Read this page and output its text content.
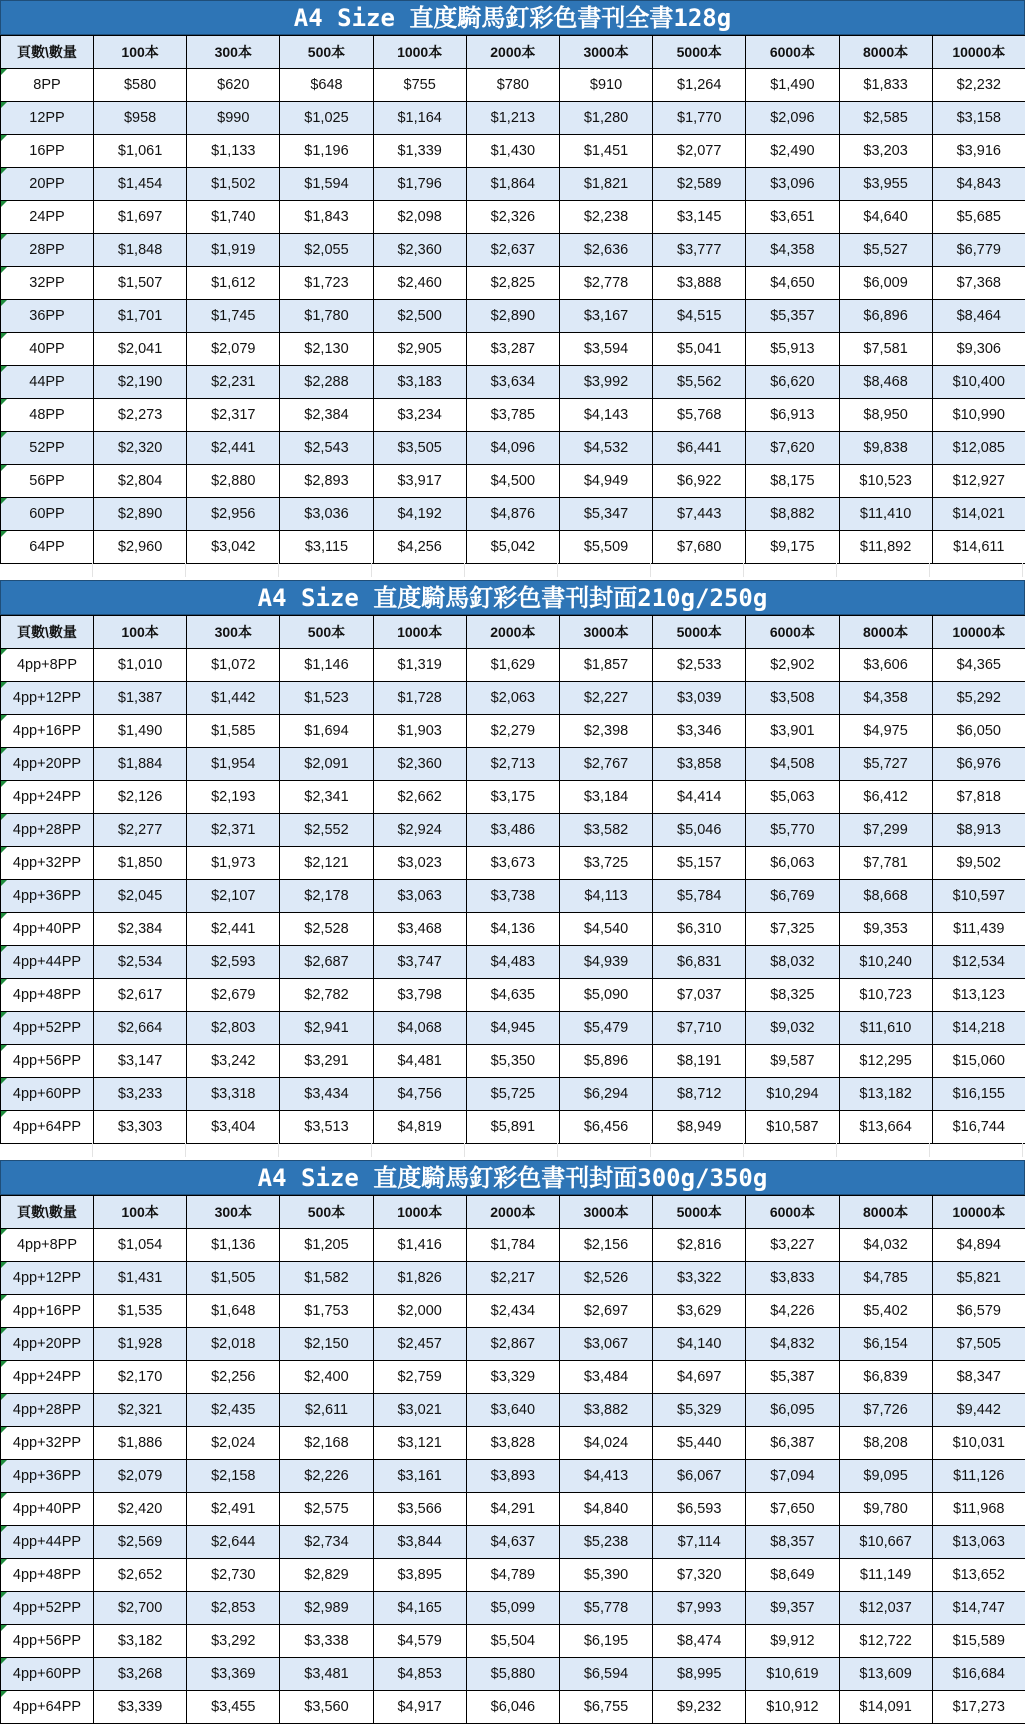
A4 Size 直度騎馬釘彩色書刊全書128g
頁數\數量	100本	300本	500本	1000本	2000本	3000本	5000本	6000本	8000本	10000本
8PP	$580	$620	$648	$755	$780	$910	$1,264	$1,490	$1,833	$2,232
12PP	$958	$990	$1,025	$1,164	$1,213	$1,280	$1,770	$2,096	$2,585	$3,158
16PP	$1,061	$1,133	$1,196	$1,339	$1,430	$1,451	$2,077	$2,490	$3,203	$3,916
20PP	$1,454	$1,502	$1,594	$1,796	$1,864	$1,821	$2,589	$3,096	$3,955	$4,843
24PP	$1,697	$1,740	$1,843	$2,098	$2,326	$2,238	$3,145	$3,651	$4,640	$5,685
28PP	$1,848	$1,919	$2,055	$2,360	$2,637	$2,636	$3,777	$4,358	$5,527	$6,779
32PP	$1,507	$1,612	$1,723	$2,460	$2,825	$2,778	$3,888	$4,650	$6,009	$7,368
36PP	$1,701	$1,745	$1,780	$2,500	$2,890	$3,167	$4,515	$5,357	$6,896	$8,464
40PP	$2,041	$2,079	$2,130	$2,905	$3,287	$3,594	$5,041	$5,913	$7,581	$9,306
44PP	$2,190	$2,231	$2,288	$3,183	$3,634	$3,992	$5,562	$6,620	$8,468	$10,400
48PP	$2,273	$2,317	$2,384	$3,234	$3,785	$4,143	$5,768	$6,913	$8,950	$10,990
52PP	$2,320	$2,441	$2,543	$3,505	$4,096	$4,532	$6,441	$7,620	$9,838	$12,085
56PP	$2,804	$2,880	$2,893	$3,917	$4,500	$4,949	$6,922	$8,175	$10,523	$12,927
60PP	$2,890	$2,956	$3,036	$4,192	$4,876	$5,347	$7,443	$8,882	$11,410	$14,021
64PP	$2,960	$3,042	$3,115	$4,256	$5,042	$5,509	$7,680	$9,175	$11,892	$14,611
A4 Size 直度騎馬釘彩色書刊封面210g/250g
頁數\數量	100本	300本	500本	1000本	2000本	3000本	5000本	6000本	8000本	10000本
4pp+8PP	$1,010	$1,072	$1,146	$1,319	$1,629	$1,857	$2,533	$2,902	$3,606	$4,365
4pp+12PP	$1,387	$1,442	$1,523	$1,728	$2,063	$2,227	$3,039	$3,508	$4,358	$5,292
4pp+16PP	$1,490	$1,585	$1,694	$1,903	$2,279	$2,398	$3,346	$3,901	$4,975	$6,050
4pp+20PP	$1,884	$1,954	$2,091	$2,360	$2,713	$2,767	$3,858	$4,508	$5,727	$6,976
4pp+24PP	$2,126	$2,193	$2,341	$2,662	$3,175	$3,184	$4,414	$5,063	$6,412	$7,818
4pp+28PP	$2,277	$2,371	$2,552	$2,924	$3,486	$3,582	$5,046	$5,770	$7,299	$8,913
4pp+32PP	$1,850	$1,973	$2,121	$3,023	$3,673	$3,725	$5,157	$6,063	$7,781	$9,502
4pp+36PP	$2,045	$2,107	$2,178	$3,063	$3,738	$4,113	$5,784	$6,769	$8,668	$10,597
4pp+40PP	$2,384	$2,441	$2,528	$3,468	$4,136	$4,540	$6,310	$7,325	$9,353	$11,439
4pp+44PP	$2,534	$2,593	$2,687	$3,747	$4,483	$4,939	$6,831	$8,032	$10,240	$12,534
4pp+48PP	$2,617	$2,679	$2,782	$3,798	$4,635	$5,090	$7,037	$8,325	$10,723	$13,123
4pp+52PP	$2,664	$2,803	$2,941	$4,068	$4,945	$5,479	$7,710	$9,032	$11,610	$14,218
4pp+56PP	$3,147	$3,242	$3,291	$4,481	$5,350	$5,896	$8,191	$9,587	$12,295	$15,060
4pp+60PP	$3,233	$3,318	$3,434	$4,756	$5,725	$6,294	$8,712	$10,294	$13,182	$16,155
4pp+64PP	$3,303	$3,404	$3,513	$4,819	$5,891	$6,456	$8,949	$10,587	$13,664	$16,744
A4 Size 直度騎馬釘彩色書刊封面300g/350g
頁數\數量	100本	300本	500本	1000本	2000本	3000本	5000本	6000本	8000本	10000本
4pp+8PP	$1,054	$1,136	$1,205	$1,416	$1,784	$2,156	$2,816	$3,227	$4,032	$4,894
4pp+12PP	$1,431	$1,505	$1,582	$1,826	$2,217	$2,526	$3,322	$3,833	$4,785	$5,821
4pp+16PP	$1,535	$1,648	$1,753	$2,000	$2,434	$2,697	$3,629	$4,226	$5,402	$6,579
4pp+20PP	$1,928	$2,018	$2,150	$2,457	$2,867	$3,067	$4,140	$4,832	$6,154	$7,505
4pp+24PP	$2,170	$2,256	$2,400	$2,759	$3,329	$3,484	$4,697	$5,387	$6,839	$8,347
4pp+28PP	$2,321	$2,435	$2,611	$3,021	$3,640	$3,882	$5,329	$6,095	$7,726	$9,442
4pp+32PP	$1,886	$2,024	$2,168	$3,121	$3,828	$4,024	$5,440	$6,387	$8,208	$10,031
4pp+36PP	$2,079	$2,158	$2,226	$3,161	$3,893	$4,413	$6,067	$7,094	$9,095	$11,126
4pp+40PP	$2,420	$2,491	$2,575	$3,566	$4,291	$4,840	$6,593	$7,650	$9,780	$11,968
4pp+44PP	$2,569	$2,644	$2,734	$3,844	$4,637	$5,238	$7,114	$8,357	$10,667	$13,063
4pp+48PP	$2,652	$2,730	$2,829	$3,895	$4,789	$5,390	$7,320	$8,649	$11,149	$13,652
4pp+52PP	$2,700	$2,853	$2,989	$4,165	$5,099	$5,778	$7,993	$9,357	$12,037	$14,747
4pp+56PP	$3,182	$3,292	$3,338	$4,579	$5,504	$6,195	$8,474	$9,912	$12,722	$15,589
4pp+60PP	$3,268	$3,369	$3,481	$4,853	$5,880	$6,594	$8,995	$10,619	$13,609	$16,684
4pp+64PP	$3,339	$3,455	$3,560	$4,917	$6,046	$6,755	$9,232	$10,912	$14,091	$17,273
